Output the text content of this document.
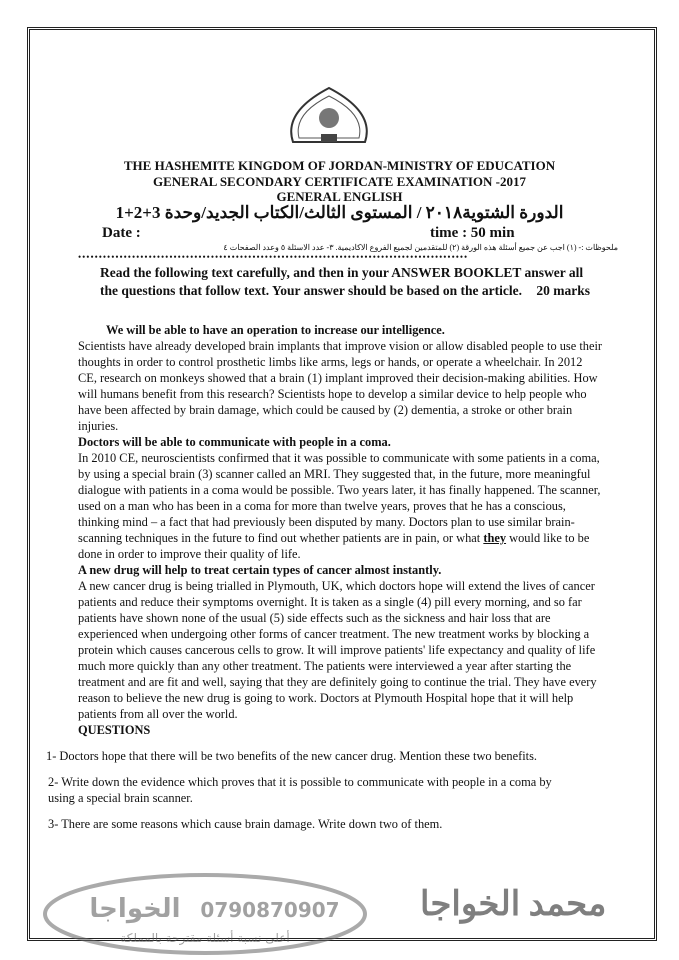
THE HASHEMITE KINGDOM OF JORDAN-MINISTRY OF EDUCATION
GENERAL SECONDARY CERTIFICATE EXAMINATION -2017
GENERAL ENGLISH
الدورة الشتوية٢٠١٨ / المستوى الثالث/الكتاب الجديد/وحدة 3+2+1
Date :	time : 50 min
ملحوظات :- (١) اجب عن جميع أسئلة هذه الورقة (٢) للمتقدمين لجميع الفروع الاكاديمية. ٣- عدد الاسئلة ٥ وعدد الصفحات ٤
••••••••••••••••••••••••••••••••••••••••••••••••••••••••••••••••••••••••••••••••••••••••••••••
Read the following text carefully, and then in your ANSWER BOOKLET answer all the questions that follow text. Your answer should be based on the article. 20 marks

We will be able to have an operation to increase our intelligence.

Scientists have already developed brain implants that improve vision or allow disabled people to use their thoughts in order to control prosthetic limbs like arms, legs or hands, or operate a wheelchair. In 2012 CE, research on monkeys showed that a brain (1) implant improved their decision-making abilities. How will humans benefit from this research? Scientists hope to develop a similar device to help people who have been affected by brain damage, which could be caused by (2) dementia, a stroke or other brain injuries.

Doctors will be able to communicate with people in a coma.

In 2010 CE, neuroscientists confirmed that it was possible to communicate with some patients in a coma, by using a special brain (3) scanner called an MRI. They suggested that, in the future, more meaningful dialogue with patients in a coma would be possible. Two years later, it has finally happened. The scanner, used on a man who has been in a coma for more than twelve years, proves that he has a conscious, thinking mind – a fact that had previously been disputed by many. Doctors plan to use similar brain-scanning techniques in the future to find out whether patients are in pain, or what they would like to be done in order to improve their quality of life.

A new drug will help to treat certain types of cancer almost instantly.

A new cancer drug is being trialled in Plymouth, UK, which doctors hope will extend the lives of cancer patients and reduce their symptoms overnight. It is taken as a single (4) pill every morning, and so far patients have shown none of the usual (5) side effects such as the sickness and hair loss that are experienced when undergoing other forms of cancer treatment. The new treatment works by blocking a protein which causes cancerous cells to grow. It will improve patients' life expectancy and quality of life much more quickly than any other treatment. The patients were interviewed a year after starting the treatment and are fit and well, saying that they are definitely going to continue the trial. They have every reason to believe the new drug is going to work. Doctors at Plymouth Hospital hope that it will help patients from all over the world.

QUESTIONS

1- Doctors hope that there will be two benefits of the new cancer drug. Mention these two benefits.

2- Write down the evidence which proves that it is possible to communicate with people in a coma by

using a special brain scanner.

3- There are some reasons which cause brain damage. Write down two of them.

الخواجا 0790870907
أعلى نسبة أسئلة مقترحة بالمملكة
محمد الخواجا
